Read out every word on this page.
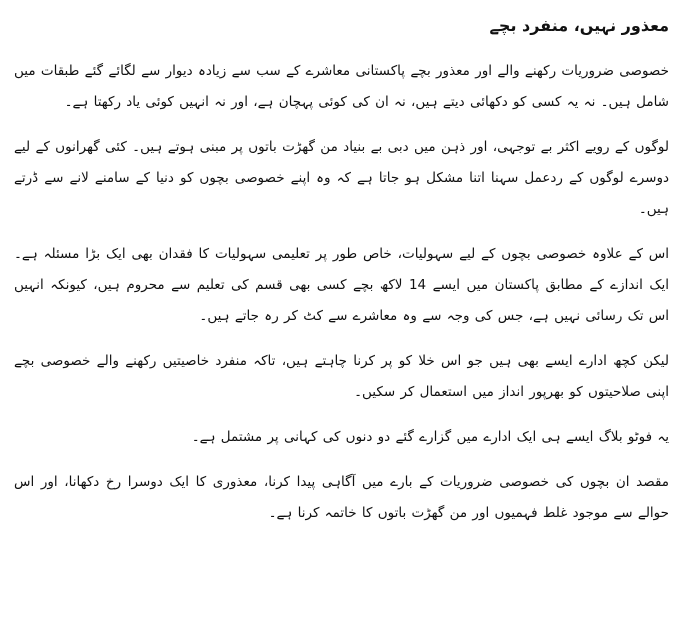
معذور نہیں، منفرد بچے

خصوصی ضروریات رکھنے والے اور معذور بچے پاکستانی معاشرے کے سب سے زیادہ دیوار سے لگائے گئے طبقات میں شامل ہیں۔ نہ یہ کسی کو دکھائی دیتے ہیں، نہ ان کی کوئی پہچان ہے، اور نہ انہیں کوئی یاد رکھتا ہے۔

لوگوں کے رویے اکثر بے توجہی، اور ذہن میں دبی بے بنیاد من گھڑت باتوں پر مبنی ہوتے ہیں۔ کئی گھرانوں کے لیے دوسرے لوگوں کے ردعمل سہنا اتنا مشکل ہو جاتا ہے کہ وہ اپنے خصوصی بچوں کو دنیا کے سامنے لانے سے ڈرتے ہیں۔

اس کے علاوہ خصوصی بچوں کے لیے سہولیات، خاص طور پر تعلیمی سہولیات کا فقدان بھی ایک بڑا مسئلہ ہے۔ ایک اندازے کے مطابق پاکستان میں ایسے 14 لاکھ بچے کسی بھی قسم کی تعلیم سے محروم ہیں، کیونکہ انہیں اس تک رسائی نہیں ہے، جس کی وجہ سے وہ معاشرے سے کٹ کر رہ جاتے ہیں۔

لیکن کچھ ادارے ایسے بھی ہیں جو اس خلا کو پر کرنا چاہتے ہیں، تاکہ منفرد خاصیتیں رکھنے والے خصوصی بچے اپنی صلاحیتوں کو بھرپور انداز میں استعمال کر سکیں۔

یہ فوٹو بلاگ ایسے ہی ایک ادارے میں گزارے گئے دو دنوں کی کہانی پر مشتمل ہے۔

مقصد ان بچوں کی خصوصی ضروریات کے بارے میں آگاہی پیدا کرنا، معذوری کا ایک دوسرا رخ دکھانا، اور اس حوالے سے موجود غلط فہمیوں اور من گھڑت باتوں کا خاتمہ کرنا ہے۔
